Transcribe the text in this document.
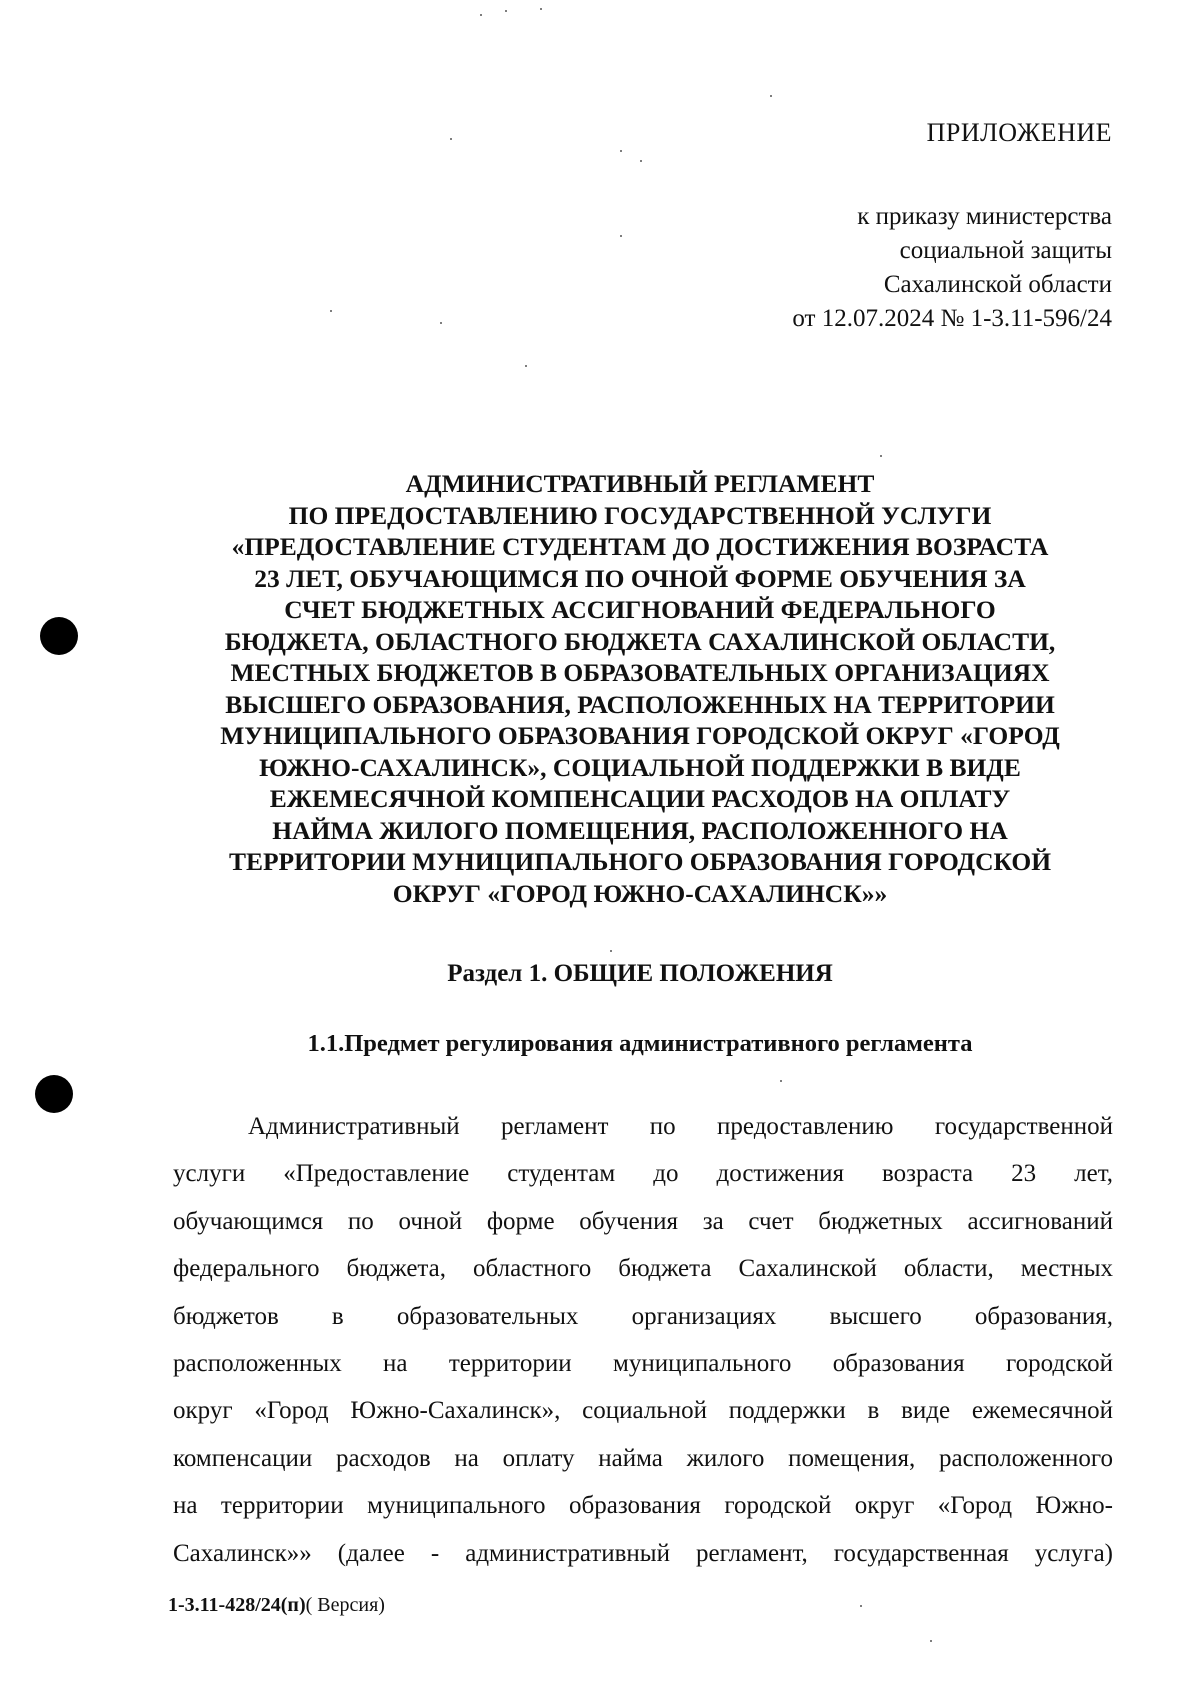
ПРИЛОЖЕНИЕ
к приказу министерства
социальной защиты
Сахалинской области
от 12.07.2024 № 1-3.11-596/24
АДМИНИСТРАТИВНЫЙ РЕГЛАМЕНТ
ПО ПРЕДОСТАВЛЕНИЮ ГОСУДАРСТВЕННОЙ УСЛУГИ
«ПРЕДОСТАВЛЕНИЕ СТУДЕНТАМ ДО ДОСТИЖЕНИЯ ВОЗРАСТА
23 ЛЕТ, ОБУЧАЮЩИМСЯ ПО ОЧНОЙ ФОРМЕ ОБУЧЕНИЯ ЗА
СЧЕТ БЮДЖЕТНЫХ АССИГНОВАНИЙ ФЕДЕРАЛЬНОГО
БЮДЖЕТА, ОБЛАСТНОГО БЮДЖЕТА САХАЛИНСКОЙ ОБЛАСТИ,
МЕСТНЫХ БЮДЖЕТОВ В ОБРАЗОВАТЕЛЬНЫХ ОРГАНИЗАЦИЯХ
ВЫСШЕГО ОБРАЗОВАНИЯ, РАСПОЛОЖЕННЫХ НА ТЕРРИТОРИИ
МУНИЦИПАЛЬНОГО ОБРАЗОВАНИЯ ГОРОДСКОЙ ОКРУГ «ГОРОД
ЮЖНО-САХАЛИНСК», СОЦИАЛЬНОЙ ПОДДЕРЖКИ В ВИДЕ
ЕЖЕМЕСЯЧНОЙ КОМПЕНСАЦИИ РАСХОДОВ НА ОПЛАТУ
НАЙМА ЖИЛОГО ПОМЕЩЕНИЯ, РАСПОЛОЖЕННОГО НА
ТЕРРИТОРИИ МУНИЦИПАЛЬНОГО ОБРАЗОВАНИЯ ГОРОДСКОЙ
ОКРУГ «ГОРОД ЮЖНО-САХАЛИНСК»»
Раздел 1. ОБЩИЕ ПОЛОЖЕНИЯ
1.1.Предмет регулирования административного регламента
Административный регламент по предоставлению государственной
услуги «Предоставление студентам до достижения возраста 23 лет,
обучающимся по очной форме обучения за счет бюджетных ассигнований
федерального бюджета, областного бюджета Сахалинской области, местных
бюджетов в образовательных организациях высшего образования,
расположенных на территории муниципального образования городской
округ «Город Южно-Сахалинск», социальной поддержки в виде ежемесячной
компенсации расходов на оплату найма жилого помещения, расположенного
на территории муниципального образования городской округ «Город Южно-
Сахалинск»» (далее - административный регламент, государственная услуга)
1-3.11-428/24(п)( Версия)
